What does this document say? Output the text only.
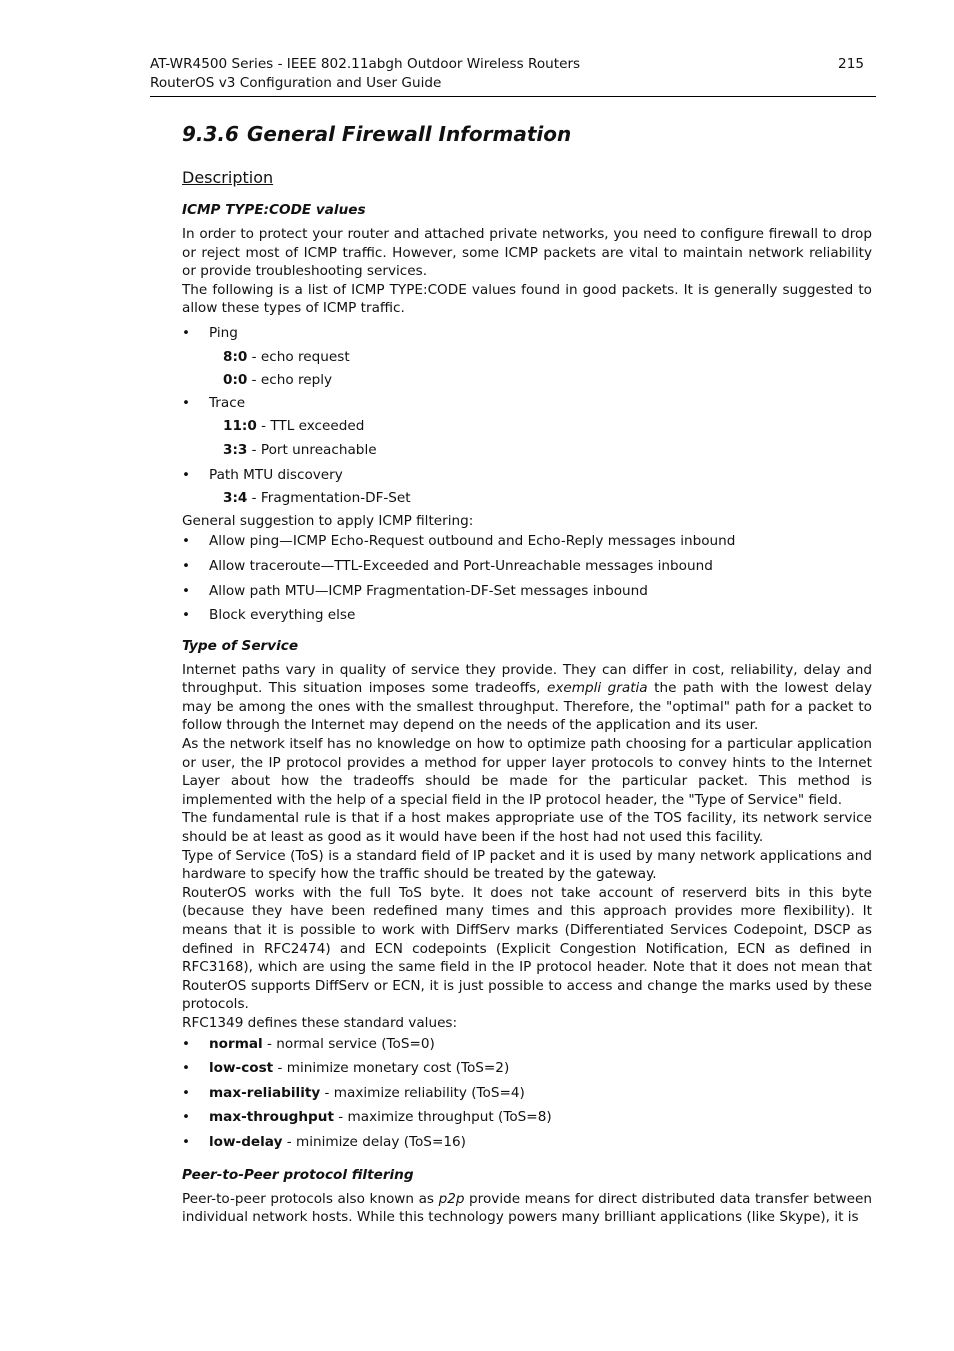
AT-WR4500 Series - IEEE 802.11abgh Outdoor Wireless Routers
RouterOS v3 Configuration and User Guide
215
9.3.6 General Firewall Information
Description
ICMP TYPE:CODE values

In order to protect your router and attached private networks, you need to configure firewall to drop or reject most of ICMP traffic. However, some ICMP packets are vital to maintain network reliability or provide troubleshooting services.

The following is a list of ICMP TYPE:CODE values found in good packets. It is generally suggested to allow these types of ICMP traffic.

• Ping
8:0 - echo request
0:0 - echo reply
• Trace
11:0 - TTL exceeded
3:3 - Port unreachable
• Path MTU discovery
3:4 - Fragmentation-DF-Set

General suggestion to apply ICMP filtering:

• Allow ping—ICMP Echo-Request outbound and Echo-Reply messages inbound
• Allow traceroute—TTL-Exceeded and Port-Unreachable messages inbound
• Allow path MTU—ICMP Fragmentation-DF-Set messages inbound
• Block everything else
Type of Service

Internet paths vary in quality of service they provide. They can differ in cost, reliability, delay and throughput. This situation imposes some tradeoffs, exempli gratia the path with the lowest delay may be among the ones with the smallest throughput. Therefore, the "optimal" path for a packet to follow through the Internet may depend on the needs of the application and its user.

As the network itself has no knowledge on how to optimize path choosing for a particular application or user, the IP protocol provides a method for upper layer protocols to convey hints to the Internet Layer about how the tradeoffs should be made for the particular packet. This method is implemented with the help of a special field in the IP protocol header, the "Type of Service" field.

The fundamental rule is that if a host makes appropriate use of the TOS facility, its network service should be at least as good as it would have been if the host had not used this facility.

Type of Service (ToS) is a standard field of IP packet and it is used by many network applications and hardware to specify how the traffic should be treated by the gateway.

RouterOS works with the full ToS byte. It does not take account of reserverd bits in this byte (because they have been redefined many times and this approach provides more flexibility). It means that it is possible to work with DiffServ marks (Differentiated Services Codepoint, DSCP as defined in RFC2474) and ECN codepoints (Explicit Congestion Notification, ECN as defined in RFC3168), which are using the same field in the IP protocol header. Note that it does not mean that RouterOS supports DiffServ or ECN, it is just possible to access and change the marks used by these protocols.

RFC1349 defines these standard values:

• normal - normal service (ToS=0)
• low-cost - minimize monetary cost (ToS=2)
• max-reliability - maximize reliability (ToS=4)
• max-throughput - maximize throughput (ToS=8)
• low-delay - minimize delay (ToS=16)
Peer-to-Peer protocol filtering

Peer-to-peer protocols also known as p2p provide means for direct distributed data transfer between individual network hosts. While this technology powers many brilliant applications (like Skype), it is
